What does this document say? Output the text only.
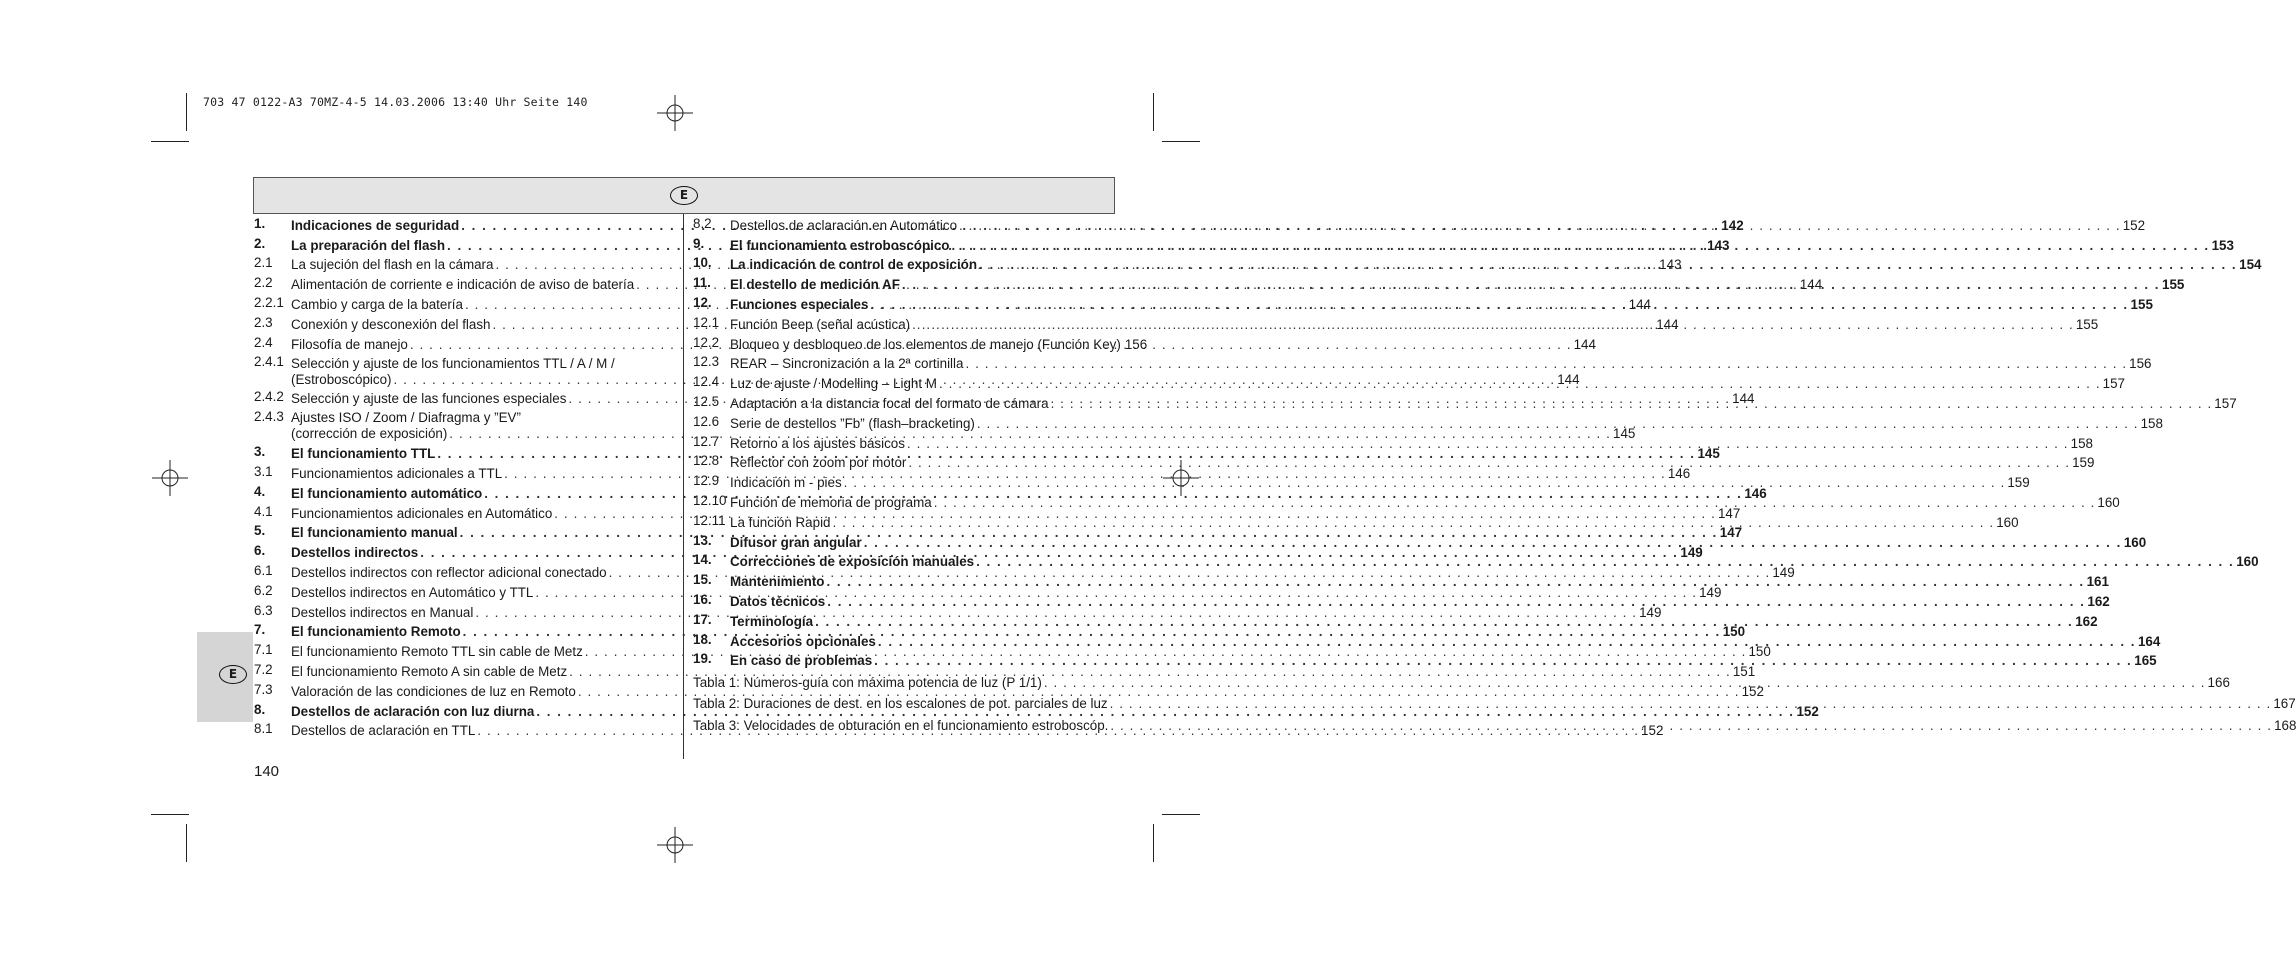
703 47 0122-A3 70MZ-4-5 14.03.2006 13:40 Uhr Seite 140
E
E
1.	Indicaciones de seguridad . . .	142
2.	La preparación del flash . . .	143
2.1	La sujeción del flash en la cámara . . .	143
2.2	Alimentación de corriente e indicación de aviso de batería . . .	144
2.2.1 Cambio y carga de la batería . . .	144
2.3	Conexión y desconexión del flash . . .	144
2.4	Filosofía de manejo . . .	144
2.4.1 Selección y ajuste de los funcionamientos TTL / A / M /
(Estroboscópico) . . .	144
2.4.2 Selección y ajuste de las funciones especiales . . .	144
2.4.3 Ajustes ISO / Zoom / Diafragma y ”EV”
(corrección de exposición) . . .	145
3.	El funcionamiento TTL . . .	145
3.1	Funcionamientos adicionales a TTL . . .	146
4.	El funcionamiento automático . . .	146
4.1	Funcionamientos adicionales en Automático . . .	147
5.	El funcionamiento manual . . .	147
6.	Destellos indirectos . . .	149
6.1	Destellos indirectos con reflector adicional conectado . . .	149
6.2	Destellos indirectos en Automático y TTL . . .	149
6.3	Destellos indirectos en Manual . . .	149
7.	El funcionamiento Remoto . . .	150
7.1	El funcionamiento Remoto TTL sin cable de Metz . . .	150
7.2	El funcionamiento Remoto A sin cable de Metz . . .	151
7.3	Valoración de las condiciones de luz en Remoto . . .	152
8.	Destellos de aclaración con luz diurna . . .	152
8.1	Destellos de aclaración en TTL . . .	152
8.2	Destellos de aclaración en Automático . . .	152
9.	El funcionamiento estroboscópico . . .	153
10.	La indicación de control de exposición . . .	154
11.	El destello de medición AF . . .	155
12.	Funciones especiales . . .	155
12.1 Función Beep (señal acústica) . . .	155
12.2 Bloqueo y desbloqueo de los elementos de manejo (Función Key) 156
12.3 REAR – Sincronización a la 2ª cortinilla . . .	156
12.4 Luz de ajuste / Modelling – Light M . . .	157
12.5 Adaptación a la distancia focal del formato de cámara . . .	157
12.6 Serie de destellos ”Fb” (flash–bracketing) . . .	158
12.7 Retorno a los ajustes básicos . . .	158
12.8 Reflector con zoom por motor . . .	159
12.9 Indicación m - pies . . .	159
12.10 Función de memoria de programa . . .	160
12.11 La función Rapid . . .	160
13.	Difusor gran angular . . .	160
14.	Correcciones de exposición manuales . . .	160
15.	Mantenimiento . . .	161
16.	Datos técnicos . . .	162
17.	Terminología . . .	162
18.	Accesorios opcionales . . .	164
19.	En caso de problemas . . .	165
Tabla 1: Números-guía con máxima potencia de luz (P 1/1) . . .	166
Tabla 2: Duraciones de dest. en los escalones de pot. parciales de luz . . .	167
Tabla 3: Velocidades de obturación en el funcionamiento estroboscóp. . . .	168
140
